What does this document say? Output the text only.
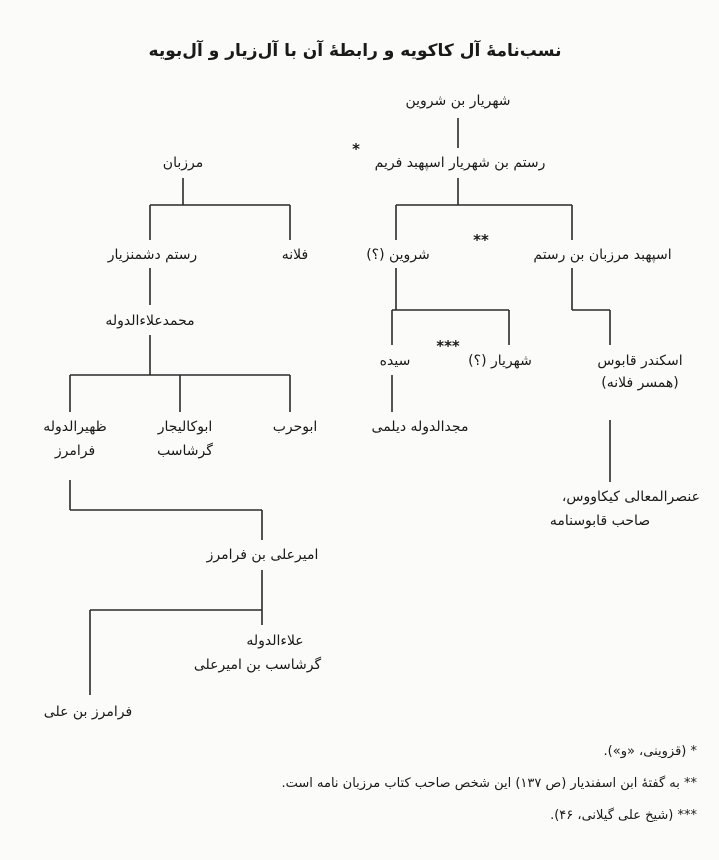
نسب‌نامهٔ آل کاکویه و رابطهٔ آن با آل‌زیار و آل‌بویه
شهریار بن شروین
*
رستم بن شهریار اسپهبد فریم
اسپهبد مرزبان بن رستم
**
شروین (؟)
***
شهریار (؟)
سیده
مجدالدوله دیلمی
اسکندر قابوس
(همسر فلانه)
عنصرالمعالی کیکاووس،
صاحب قابوسنامه
مرزبان
فلانه
رستم دشمنزیار
محمدعلاءالدوله
ابوحرب
ابوکالیجار
گرشاسب
ظهیرالدوله
فرامرز
امیرعلی بن فرامرز
علاءالدوله
گرشاسب بن امیرعلی
فرامرز بن علی
* (قزوینی، «و»).
** به گفتهٔ ابن اسفندیار (ص ۱۳۷) این شخص صاحب کتاب مرزبان نامه است.
*** (شیخ علی گیلانی، ۴۶).
